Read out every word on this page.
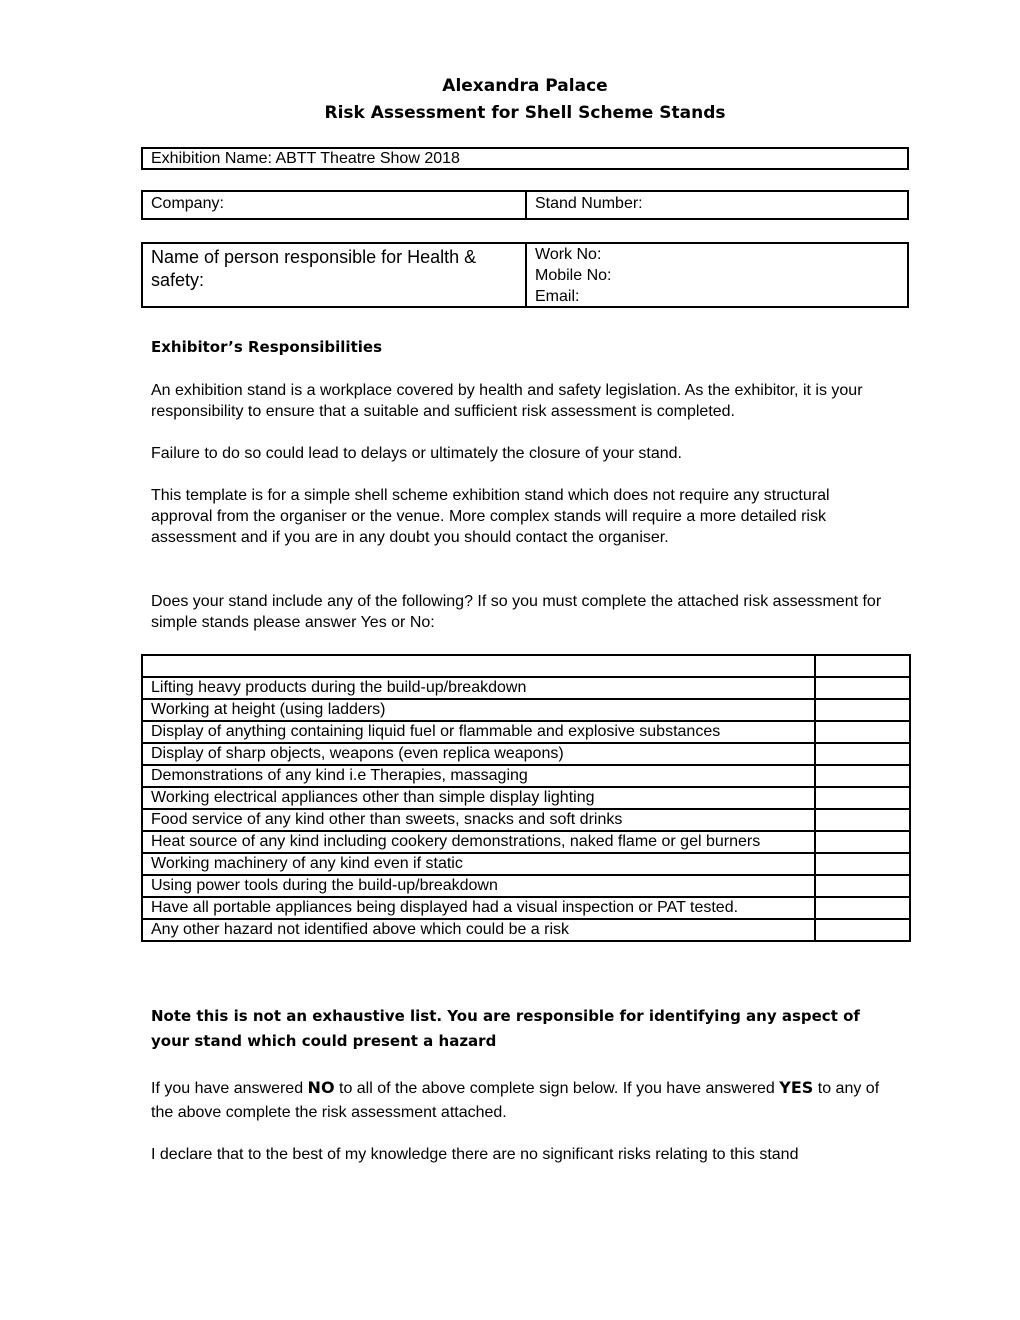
Alexandra Palace
Risk Assessment for Shell Scheme Stands
Exhibition Name: ABTT Theatre Show 2018
Company:	Stand Number:
Name of person responsible for Health & safety:
Work No:
Mobile No:
Email:
Exhibitor’s Responsibilities
An exhibition stand is a workplace covered by health and safety legislation. As the exhibitor, it is your responsibility to ensure that a suitable and sufficient risk assessment is completed.
Failure to do so could lead to delays or ultimately the closure of your stand.
This template is for a simple shell scheme exhibition stand which does not require any structural approval from the organiser or the venue. More complex stands will require a more detailed risk assessment and if you are in any doubt you should contact the organiser.
Does your stand include any of the following? If so you must complete the attached risk assessment for simple stands please answer Yes or No:

Lifting heavy products during the build-up/breakdown	
Working at height (using ladders)	
Display of anything containing liquid fuel or flammable and explosive substances	
Display of sharp objects, weapons (even replica weapons)	
Demonstrations of any kind i.e Therapies, massaging	
Working electrical appliances other than simple display lighting	
Food service of any kind other than sweets, snacks and soft drinks	
Heat source of any kind including cookery demonstrations, naked flame or gel burners	
Working machinery of any kind even if static	
Using power tools during the build-up/breakdown	
Have all portable appliances being displayed had a visual inspection or PAT tested.	
Any other hazard not identified above which could be a risk	
Note this is not an exhaustive list. You are responsible for identifying any aspect of your stand which could present a hazard
If you have answered NO to all of the above complete sign below. If you have answered YES to any of the above complete the risk assessment attached.
I declare that to the best of my knowledge there are no significant risks relating to this stand
